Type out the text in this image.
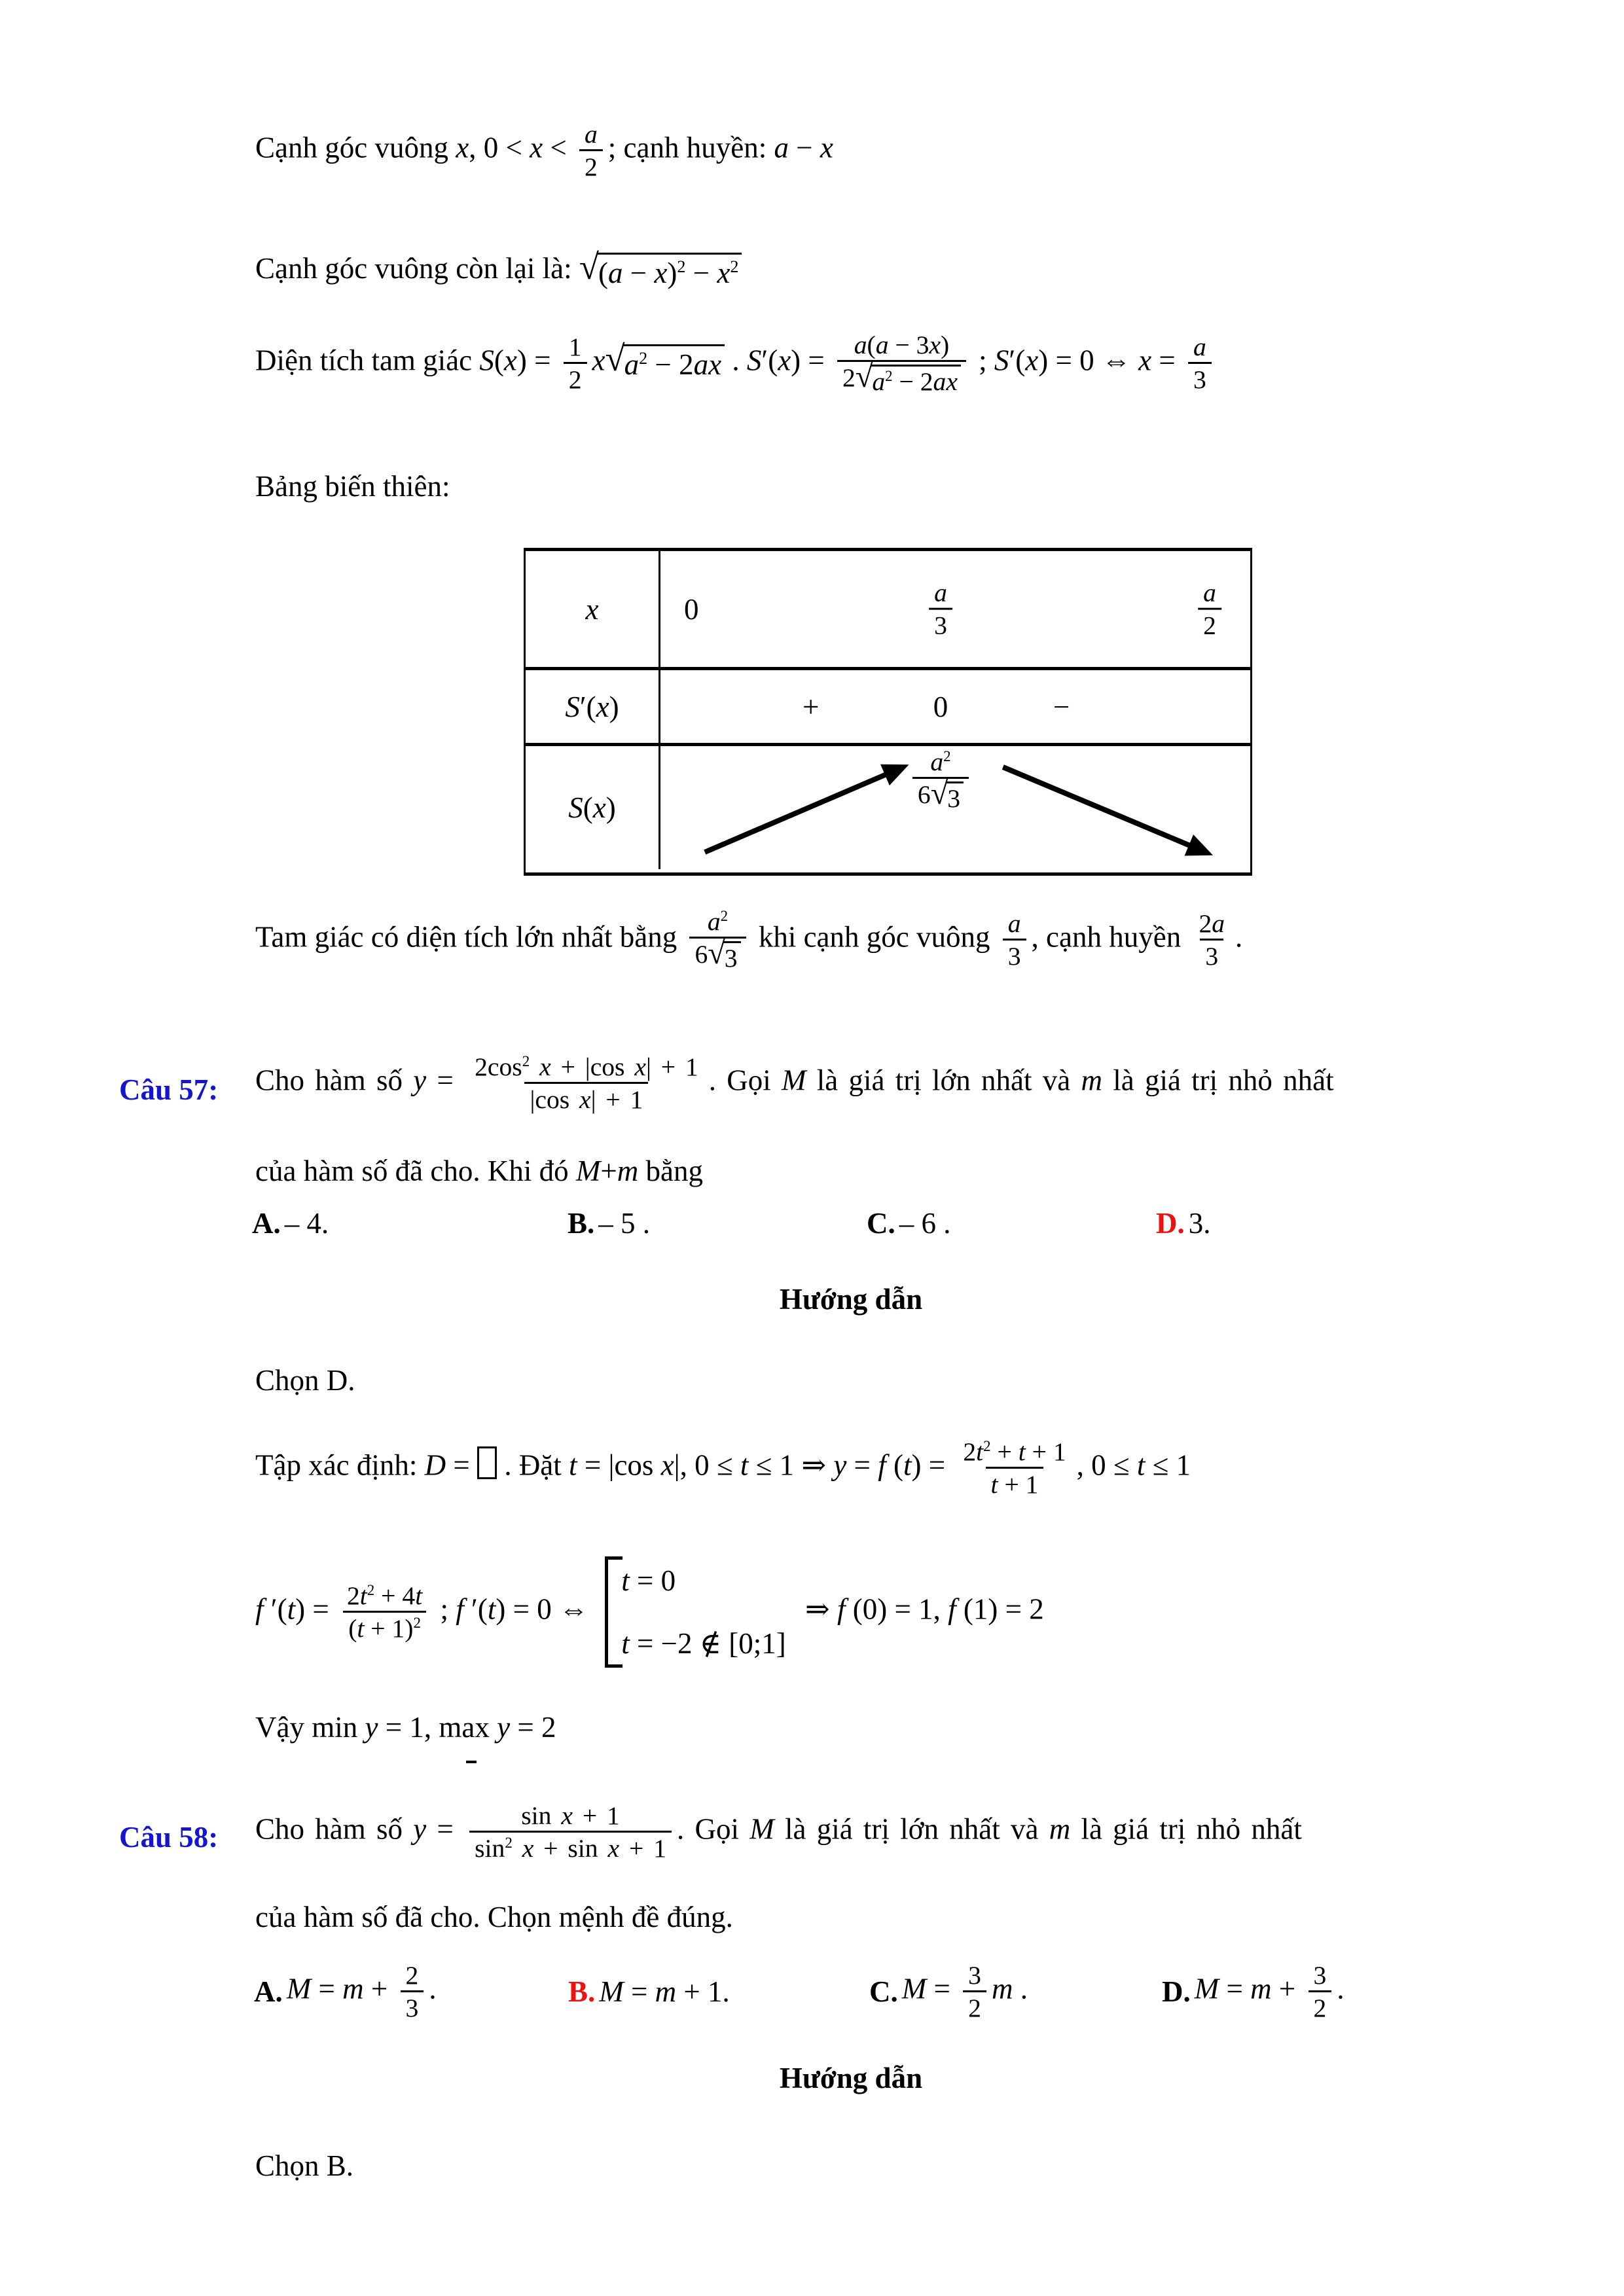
Cạnh góc vuông x, $0 < x < \frac{a}{2}$ ; cạnh huyền: a − x
Cạnh góc vuông còn lại là: $√(a - x)^2 - x^2$
Diện tích tam giác $S(x) = \frac{1}{2} x√a^2 - 2ax$ . $S'(x) = \frac{a(a - 3x)}{2√a^2 - 2ax}$ ; S′(x) = 0 ⇔ $x = \frac{a}{3}$
Bảng biến thiên:
x	0	$\frac{a}{3}$	$\frac{a}{2}$
S ′( x )	+	0	−
S ( x )	$\frac{a^2}{6√3}$
Tam giác có diện tích lớn nhất bằng $\frac{a^2}{6√3}$ khi cạnh góc vuông $\frac{a}{3}$ , cạnh huyền $\frac{2a}{3}$ .
Câu 57: Cho hàm số $y = \frac{2\cos^2 x + |\cos x| + 1}{\text{|cos x| + 1}}$ . Gọi M là giá trị lớn nhất và m là giá trị nhỏ nhất
của hàm số đã cho. Khi đó M+m bằng
A. – 4.	B. – 5 .	C. – 6 .	D. 3.
Hướng dẫn
Chọn D.
Tập xác định: D =  . Đặt t = |cos x|, 0 ≤ t ≤ 1 ⇒ y = f $(t) = \frac{2t^2 + t + 1}{t + 1}$ , 0 ≤ t ≤ 1
f $'(t) = \frac{2t^2 + 4t}{(t + 1)^2}$ ; f ′(t) = 0 ⇔
t = 0
t = −2 ∉ [0;1]
⇒ f (0) = 1, f (1) = 2
Vậy min y = 1, max y = 2
Câu 58: Cho hàm số $y = \frac{\text{sin x + 1}}{\sin^2 x + \sin x + 1}$ . Gọi M là giá trị lớn nhất và m là giá trị nhỏ nhất
của hàm số đã cho. Chọn mệnh đề đúng.
A. $M = m + \frac{2}{3}$ .	B. M = m + 1.	C. $M = \frac{3}{2}$ m .	D. $M = m + \frac{3}{2}$ .
Hướng dẫn
Chọn B.
